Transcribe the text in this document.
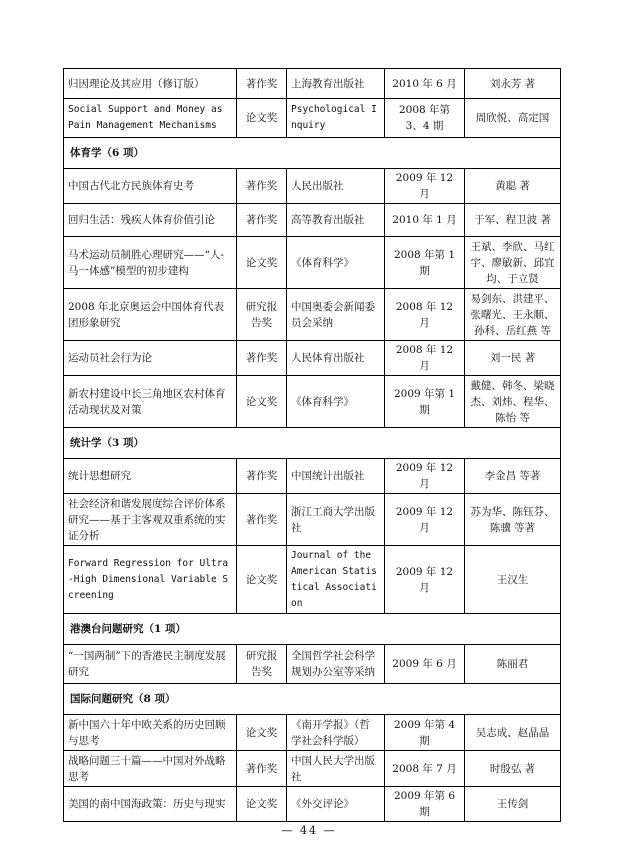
归因理论及其应用（修订版）	著作奖	上海教育出版社	2010 年 6 月	刘永芳 著
Social Support and Money as Pain Management Mechanisms	论文奖	Psychological Inquiry	2008 年第 3、4 期	周欣悦、高定国
体育学（6 项）				
中国古代北方民族体育史考	著作奖	人民出版社	2009 年 12 月	黄聪 著
回归生活：残疾人体育价值引论	著作奖	高等教育出版社	2010 年 1 月	于军、程卫波 著
马术运动员制胜心理研究——“人-马一体感”模型的初步建构	论文奖	《体育科学》	2008 年第 1 期	王斌、李欣、马红宇、廖敏新、邱宜均、于立贤
2008 年北京奥运会中国体育代表团形象研究	研究报告奖	中国奥委会新闻委员会采纳	2008 年 12 月	易剑东、洪建平、张曙光、王永顺、孙科、岳红燕 等
运动员社会行为论	著作奖	人民体育出版社	2008 年 12 月	刘一民 著
新农村建设中长三角地区农村体育活动现状及对策	论文奖	《体育科学》	2009 年第 1 期	戴健、韩冬、梁晓杰、刘炜、程华、陈怡 等
统计学（3 项）				
统计思想研究	著作奖	中国统计出版社	2009 年 12 月	李金昌 等著
社会经济和谐发展度综合评价体系研究——基于主客观双重系统的实证分析	著作奖	浙江工商大学出版社	2009 年 12 月	苏为华、陈钰芬、陈骥 等著
Forward Regression for Ultra-High Dimensional Variable Screening	论文奖	Journal of the American Statistical Association	2009 年 12 月	王汉生
港澳台问题研究（1 项）				
“一国两制”下的香港民主制度发展研究	研究报告奖	全国哲学社会科学规划办公室等采纳	2009 年 6 月	陈丽君
国际问题研究（8 项）				
新中国六十年中欧关系的历史回顾与思考	论文奖	《南开学报》（哲学社会科学版）	2009 年第 4 期	吴志成、赵晶晶
战略问题三十篇——中国对外战略思考	著作奖	中国人民大学出版社	2008 年 7 月	时殷弘 著
美国的南中国海政策：历史与现实	论文奖	《外交评论》	2009 年第 6 期	王传剑
— 44 —
